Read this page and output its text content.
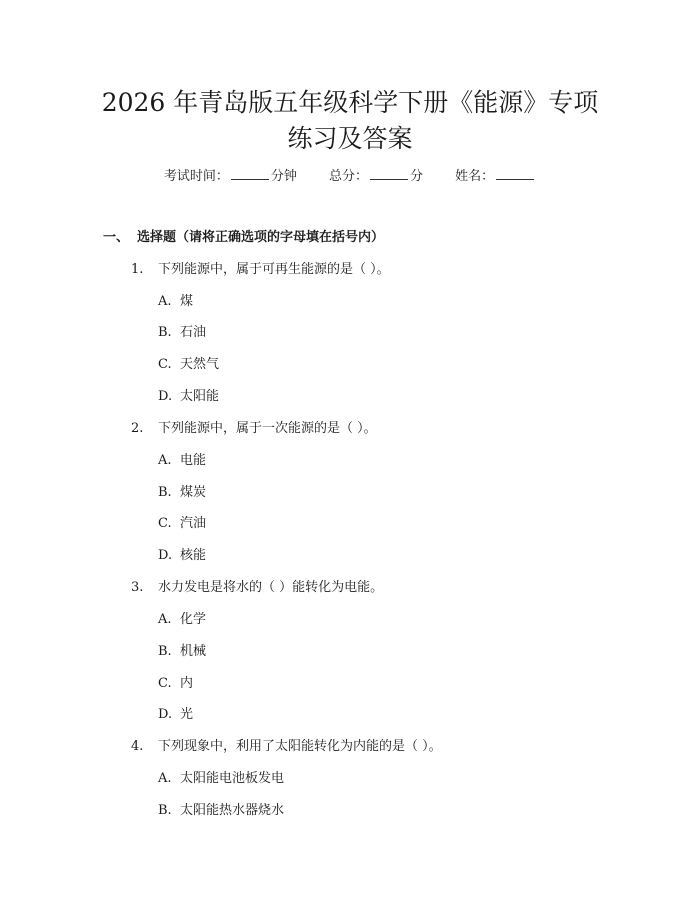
2026 年青岛版五年级科学下册《能源》专项
练习及答案
考试时间：	分钟 总分：	分 姓名：
一、 选择题（请将正确选项的字母填在括号内）
1. 下列能源中，属于可再生能源的是（ ）。
A. 煤
B. 石油
C. 天然气
D. 太阳能
2. 下列能源中，属于一次能源的是（ ）。
A. 电能
B. 煤炭
C. 汽油
D. 核能
3. 水力发电是将水的（ ）能转化为电能。
A. 化学
B. 机械
C. 内
D. 光
4. 下列现象中，利用了太阳能转化为内能的是（ ）。
A. 太阳能电池板发电
B. 太阳能热水器烧水
